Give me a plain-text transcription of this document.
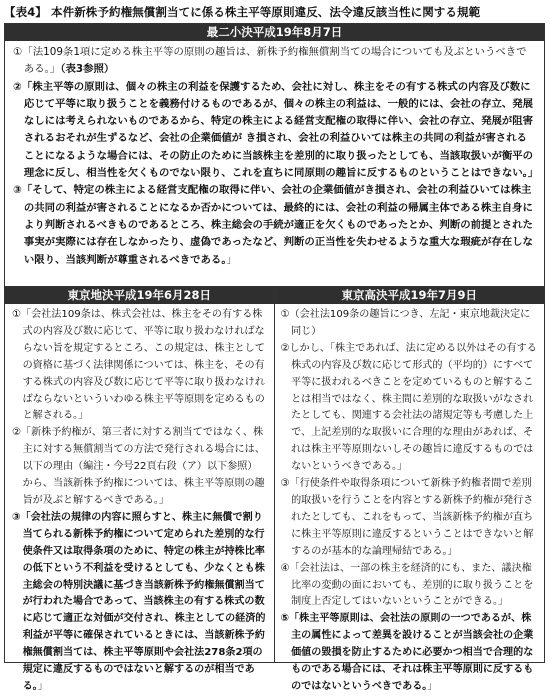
【表4】 本件新株予約権無償割当てに係る株主平等原則違反、法令違反該当性に関する規範
最二小決平成19年8月7日

①「法109条1項に定める株主平等の原則の趣旨は、新株予約権無償割当ての場合についても及ぶというべきである。」（表3参照）

②「株主平等の原則は、個々の株主の利益を保護するため、会社に対し、株主をその有する株式の内容及び数に応じて平等に取り扱うことを義務付けるものであるが、個々の株主の利益は、一般的には、会社の存立、発展なしには考えられないものであるから、特定の株主による経営支配権の取得に伴い、会社の存立、発展が阻害されるおそれが生ずるなど、会社の企業価値が き損され、会社の利益ひいては株主の共同の利益が害されることになるような場合には、その防止のために当該株主を差別的に取り扱ったとしても、当該取扱いが衡平の理念に反し、相当性を欠くものでない限り、これを直ちに同原則の趣旨に反するものということはできない。」

③「そして、特定の株主による経営支配権の取得に伴い、会社の企業価値がき損され、会社の利益ひいては株主の共同の利益が害されることになるか否かについては、最終的には、会社の利益の帰属主体である株主自身により判断されるべきものであるところ、株主総会の手続が適正を欠くものであったとか、判断の前提とされた事実が実際には存在しなかったり、虚偽であったなど、判断の正当性を失わせるような重大な瑕疵が存在しない限り、当該判断が尊重されるべきである。」

東京地決平成19年6月28日

①「会社法109条は、株式会社は、株主をその有する株式の内容及び数に応じて、平等に取り扱わなければならない旨を規定するところ、この規定は、株主としての資格に基づく法律関係については、株主を、その有する株式の内容及び数に応じて平等に取り扱わなければならないといういわゆる株主平等原則を定めるものと解される。」

②「新株予約権が、第三者に対する割当てではなく、株主に対する無償割当ての方法で発行される場合には、以下の理由（編注・今号22頁右段（ア）以下参照）から、当該新株予約権については、株主平等原則の趣旨が及ぶと解するべきである。」

③「会社法の規律の内容に照らすと、株主に無償で割り当てられる新株予約権について定められた差別的な行使条件又は取得条項のために、特定の株主が持株比率の低下という不利益を受けるとしても、少なくとも株主総会の特別決議に基づき当該新株予約権無償割当てが行われた場合であって、当該株主の有する株式の数に応じて適正な対価が交付され、株主としての経済的利益が平等に確保されているときには、当該新株予約権無償割当ては、株主平等原則や会社法278条2項の規定に違反するものではないと解するのが相当である。」

東京高決平成19年7月9日

①（会社法109条の趣旨につき、左記・東京地裁決定に同じ）

②しかし、「株主であれば、法に定める以外はその有する株式の内容及び数に応じて形式的（平均的）にすべて平等に扱われるべきことを定めているものと解することは相当ではなく、株主間に差別的な取扱いがなされたとしても、関連する会社法の諸規定等も考慮した上で、上記差別的な取扱いに合理的な理由があれば、それは株主平等原則ないしその趣旨に違反するものではないというべきである。」

③「行使条件や取得条項について新株予約権者間で差別的取扱いを行うことを内容とする新株予約権が発行されたとしても、これをもって、当該新株予約権が直ちに株主平等原則に違反するということはできないと解するのが基本的な論理帰結である。」

④「会社法は、一部の株主を経済的にも、また、議決権比率の変動の面においても、差別的に取り扱うことを制度上否定してはいないということができる。」

⑤「株主平等原則は、会社法の原則の一つであるが、株主の属性によって差異を設けることが当該会社の企業価値の毀損を防止するために必要かつ相当で合理的なものである場合には、それは株主平等原則に反するものではないというべきである。」
